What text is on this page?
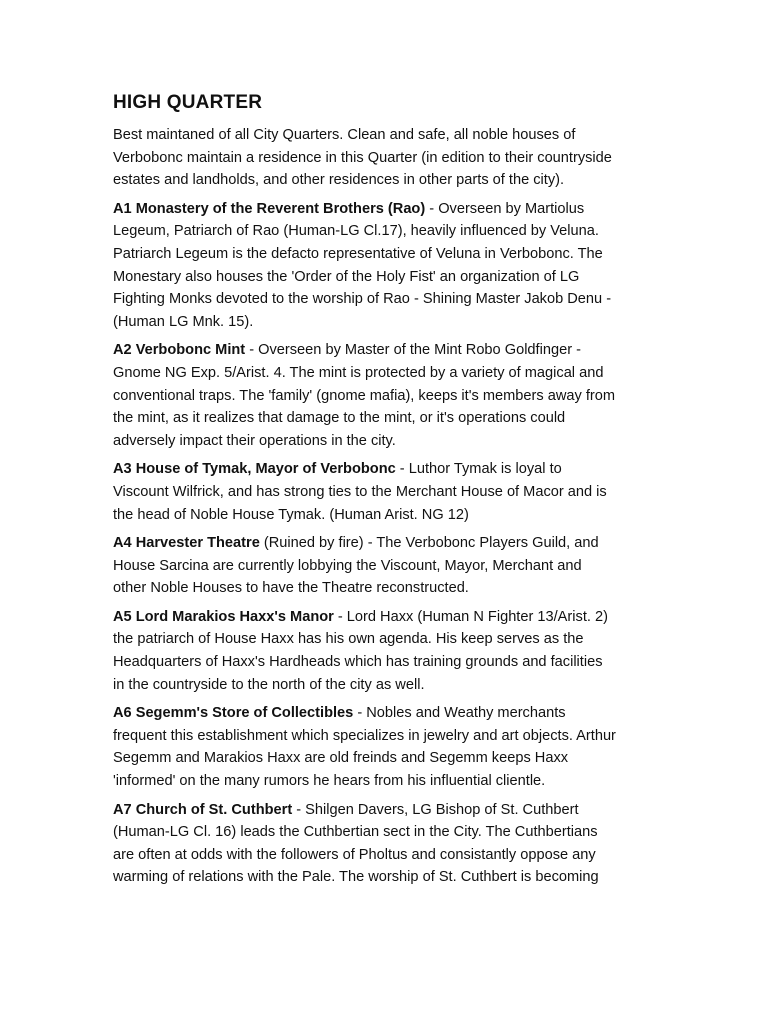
HIGH QUARTER

Best maintaned of all City Quarters. Clean and safe, all noble houses of
Verbobonc maintain a residence in this Quarter (in edition to their countryside
estates and landholds, and other residences in other parts of the city).

A1 Monastery of the Reverent Brothers (Rao) - Overseen by Martiolus
Legeum, Patriarch of Rao (Human-LG Cl.17), heavily influenced by Veluna.
Patriarch Legeum is the defacto representative of Veluna in Verbobonc. The
Monestary also houses the 'Order of the Holy Fist' an organization of LG
Fighting Monks devoted to the worship of Rao - Shining Master Jakob Denu -
(Human LG Mnk. 15).

A2 Verbobonc Mint - Overseen by Master of the Mint Robo Goldfinger -
Gnome NG Exp. 5/Arist. 4. The mint is protected by a variety of magical and
conventional traps. The 'family' (gnome mafia), keeps it's members away from
the mint, as it realizes that damage to the mint, or it's operations could
adversely impact their operations in the city.

A3 House of Tymak, Mayor of Verbobonc - Luthor Tymak is loyal to
Viscount Wilfrick, and has strong ties to the Merchant House of Macor and is
the head of Noble House Tymak. (Human Arist. NG 12)

A4 Harvester Theatre (Ruined by fire) - The Verbobonc Players Guild, and
House Sarcina are currently lobbying the Viscount, Mayor, Merchant and
other Noble Houses to have the Theatre reconstructed.

A5 Lord Marakios Haxx's Manor - Lord Haxx (Human N Fighter 13/Arist. 2)
the patriarch of House Haxx has his own agenda. His keep serves as the
Headquarters of Haxx's Hardheads which has training grounds and facilities
in the countryside to the north of the city as well.

A6 Segemm's Store of Collectibles - Nobles and Weathy merchants
frequent this establishment which specializes in jewelry and art objects. Arthur
Segemm and Marakios Haxx are old freinds and Segemm keeps Haxx
'informed' on the many rumors he hears from his influential clientle.

A7 Church of St. Cuthbert - Shilgen Davers, LG Bishop of St. Cuthbert
(Human-LG Cl. 16) leads the Cuthbertian sect in the City. The Cuthbertians
are often at odds with the followers of Pholtus and consistantly oppose any
warming of relations with the Pale. The worship of St. Cuthbert is becoming
